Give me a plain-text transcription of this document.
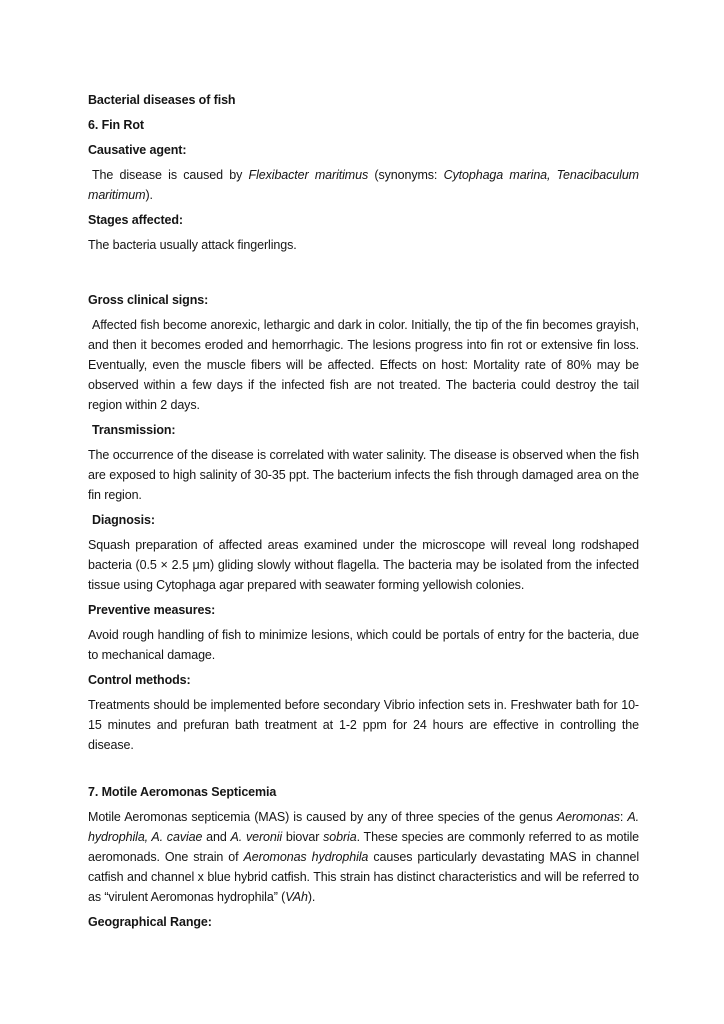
Bacterial diseases of fish

6. Fin Rot

Causative agent:

The disease is caused by Flexibacter maritimus (synonyms: Cytophaga marina, Tenacibaculum maritimum).

Stages affected:

The bacteria usually attack fingerlings.

Gross clinical signs:

Affected fish become anorexic, lethargic and dark in color. Initially, the tip of the fin becomes grayish, and then it becomes eroded and hemorrhagic. The lesions progress into fin rot or extensive fin loss. Eventually, even the muscle fibers will be affected. Effects on host: Mortality rate of 80% may be observed within a few days if the infected fish are not treated. The bacteria could destroy the tail region within 2 days.

Transmission:

The occurrence of the disease is correlated with water salinity. The disease is observed when the fish are exposed to high salinity of 30-35 ppt. The bacterium infects the fish through damaged area on the fin region.

Diagnosis:

Squash preparation of affected areas examined under the microscope will reveal long rodshaped bacteria (0.5 × 2.5 μm) gliding slowly without flagella. The bacteria may be isolated from the infected tissue using Cytophaga agar prepared with seawater forming yellowish colonies.

Preventive measures:

Avoid rough handling of fish to minimize lesions, which could be portals of entry for the bacteria, due to mechanical damage.

Control methods:

Treatments should be implemented before secondary Vibrio infection sets in. Freshwater bath for 10-15 minutes and prefuran bath treatment at 1-2 ppm for 24 hours are effective in controlling the disease.

7. Motile Aeromonas Septicemia

Motile Aeromonas septicemia (MAS) is caused by any of three species of the genus Aeromonas: A. hydrophila, A. caviae and A. veronii biovar sobria. These species are commonly referred to as motile aeromonads. One strain of Aeromonas hydrophila causes particularly devastating MAS in channel catfish and channel x blue hybrid catfish. This strain has distinct characteristics and will be referred to as “virulent Aeromonas hydrophila” (VAh).

Geographical Range:
